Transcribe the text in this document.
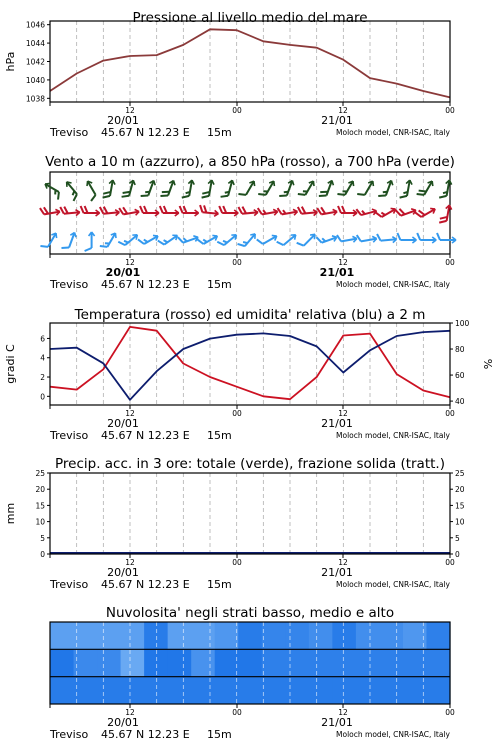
1038
1040
1042
1044
1046
hPa
Pressione al livello medio del mare
12	00	12	00
20/01	21/01
Treviso 45.67 N 12.23 E 15m	Moloch model, CNR-ISAC, Italy
Vento a 10 m (azzurro), a 850 hPa (rosso), a 700 hPa (verde)
12	00	12	00
20/01	21/01
Treviso 45.67 N 12.23 E 15m	Moloch model, CNR-ISAC, Italy
0
2
4
6
40
60
80
100
gradi C	%
Temperatura (rosso) ed umidita' relativa (blu) a 2 m
12	00	12	00
20/01	21/01
Treviso 45.67 N 12.23 E 15m	Moloch model, CNR-ISAC, Italy
0
5
10
15
20
25
0
5
10
15
20
25
mm
Precip. acc. in 3 ore: totale (verde), frazione solida (tratt.)
12	00	12	00
20/01	21/01
Treviso 45.67 N 12.23 E 15m	Moloch model, CNR-ISAC, Italy
Nuvolosita' negli strati basso, medio e alto
12	00	12	00
20/01	21/01
Treviso 45.67 N 12.23 E 15m	Moloch model, CNR-ISAC, Italy
